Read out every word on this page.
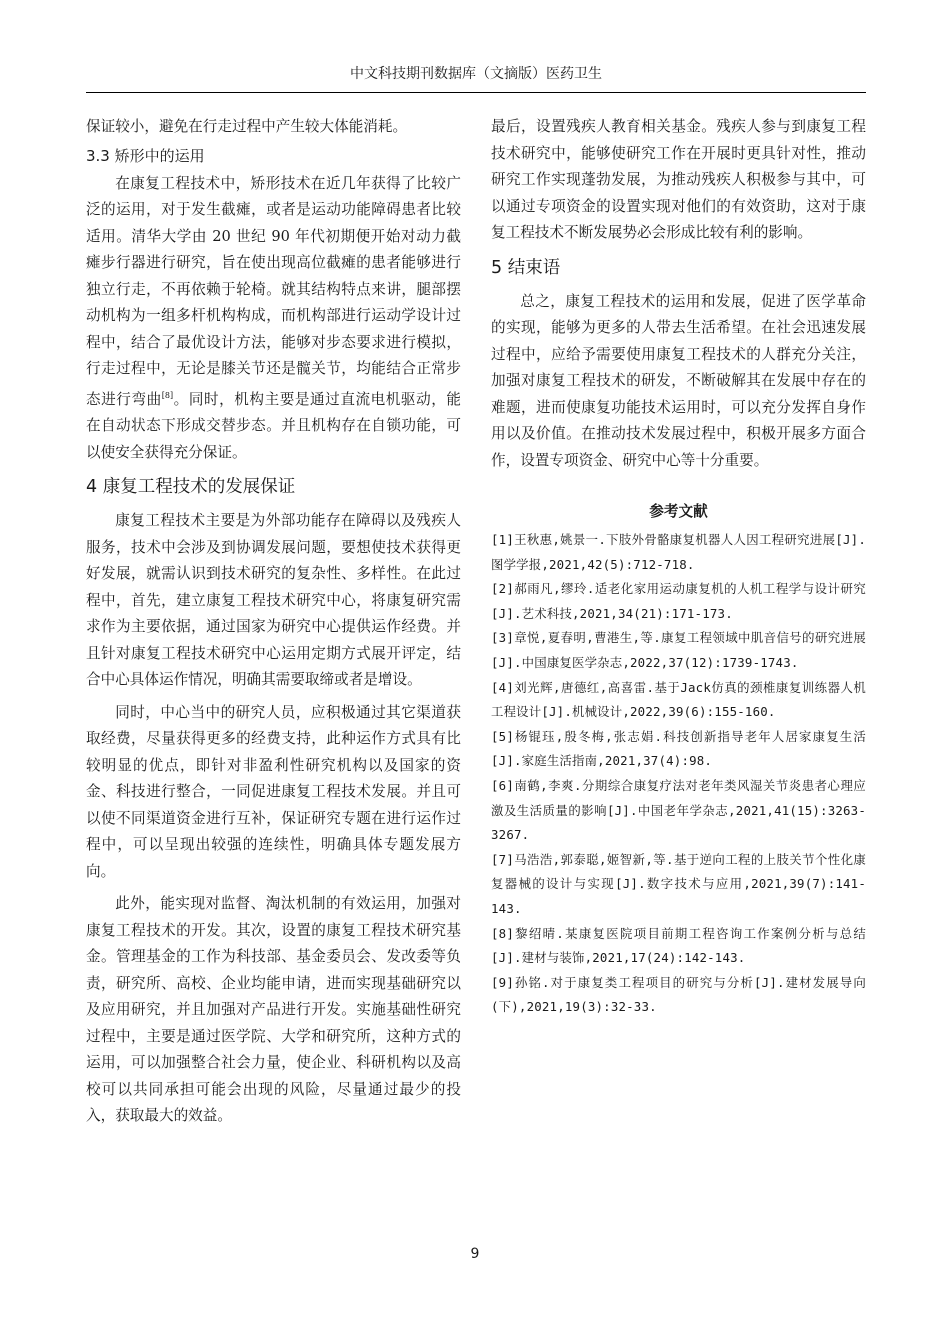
中文科技期刊数据库（文摘版）医药卫生

保证较小，避免在行走过程中产生较大体能消耗。

3.3 矫形中的运用

在康复工程技术中，矫形技术在近几年获得了比较广泛的运用，对于发生截瘫，或者是运动功能障碍患者比较适用。清华大学由 20 世纪 90 年代初期便开始对动力截瘫步行器进行研究，旨在使出现高位截瘫的患者能够进行独立行走，不再依赖于轮椅。就其结构特点来讲，腿部摆动机构为一组多杆机构构成，而机构部进行运动学设计过程中，结合了最优设计方法，能够对步态要求进行模拟，行走过程中，无论是膝关节还是髋关节，均能结合正常步态进行弯曲[8]。同时，机构主要是通过直流电机驱动，能在自动状态下形成交替步态。并且机构存在自锁功能，可以使安全获得充分保证。

4 康复工程技术的发展保证

康复工程技术主要是为外部功能存在障碍以及残疾人服务，技术中会涉及到协调发展问题，要想使技术获得更好发展，就需认识到技术研究的复杂性、多样性。在此过程中，首先，建立康复工程技术研究中心，将康复研究需求作为主要依据，通过国家为研究中心提供运作经费。并且针对康复工程技术研究中心运用定期方式展开评定，结合中心具体运作情况，明确其需要取缔或者是增设。

同时，中心当中的研究人员，应积极通过其它渠道获取经费，尽量获得更多的经费支持，此种运作方式具有比较明显的优点，即针对非盈利性研究机构以及国家的资金、科技进行整合，一同促进康复工程技术发展。并且可以使不同渠道资金进行互补，保证研究专题在进行运作过程中，可以呈现出较强的连续性，明确具体专题发展方向。

此外，能实现对监督、淘汰机制的有效运用，加强对康复工程技术的开发。其次，设置的康复工程技术研究基金。管理基金的工作为科技部、基金委员会、发改委等负责，研究所、高校、企业均能申请，进而实现基础研究以及应用研究，并且加强对产品进行开发。实施基础性研究过程中，主要是通过医学院、大学和研究所，这种方式的运用，可以加强整合社会力量，使企业、科研机构以及高校可以共同承担可能会出现的风险，尽量通过最少的投入，获取最大的效益。

最后，设置残疾人教育相关基金。残疾人参与到康复工程技术研究中，能够使研究工作在开展时更具针对性，推动研究工作实现蓬勃发展，为推动残疾人积极参与其中，可以通过专项资金的设置实现对他们的有效资助，这对于康复工程技术不断发展势必会形成比较有利的影响。

5 结束语

总之，康复工程技术的运用和发展，促进了医学革命的实现，能够为更多的人带去生活希望。在社会迅速发展过程中，应给予需要使用康复工程技术的人群充分关注，加强对康复工程技术的研发，不断破解其在发展中存在的难题，进而使康复功能技术运用时，可以充分发挥自身作用以及价值。在推动技术发展过程中，积极开展多方面合作，设置专项资金、研究中心等十分重要。

参考文献

[1]王秋惠,姚景一.下肢外骨骼康复机器人人因工程研究进展[J].图学学报,2021,42(5):712-718.

[2]郝雨凡,缪玲.适老化家用运动康复机的人机工程学与设计研究[J].艺术科技,2021,34(21):171-173.

[3]章悦,夏春明,曹港生,等.康复工程领域中肌音信号的研究进展[J].中国康复医学杂志,2022,37(12):1739-1743.

[4]刘光辉,唐德红,高喜雷.基于Jack仿真的颈椎康复训练器人机工程设计[J].机械设计,2022,39(6):155-160.

[5]杨锟珏,殷冬梅,张志娟.科技创新指导老年人居家康复生活[J].家庭生活指南,2021,37(4):98.

[6]南鹤,李爽.分期综合康复疗法对老年类风湿关节炎患者心理应激及生活质量的影响[J].中国老年学杂志,2021,41(15):3263-3267.

[7]马浩浩,郭泰聪,姬智新,等.基于逆向工程的上肢关节个性化康复器械的设计与实现[J].数字技术与应用,2021,39(7):141-143.

[8]黎绍晴.某康复医院项目前期工程咨询工作案例分析与总结[J].建材与装饰,2021,17(24):142-143.

[9]孙铭.对于康复类工程项目的研究与分析[J].建材发展导向(下),2021,19(3):32-33.

9
